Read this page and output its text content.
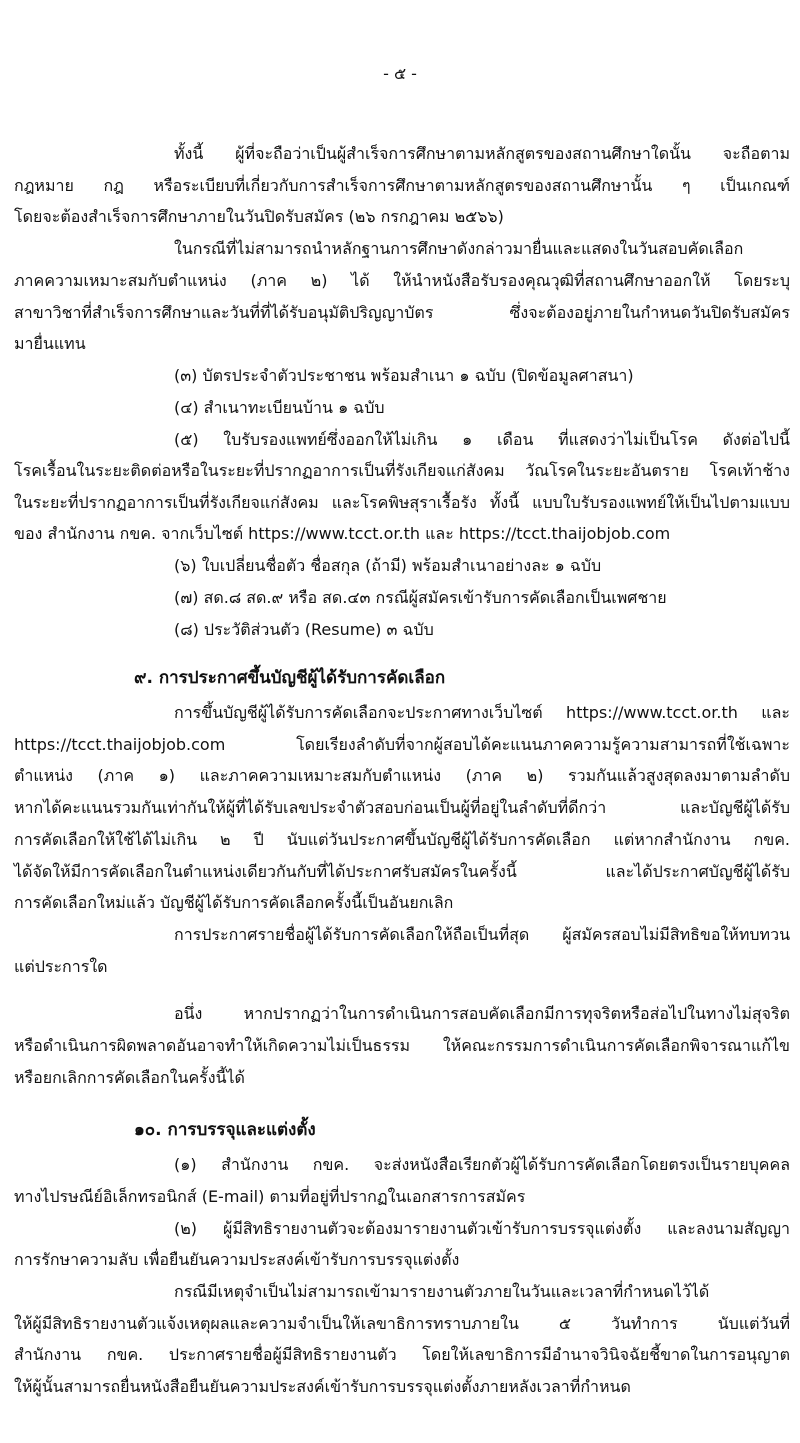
- ๕ -
ทั้งนี้ ผู้ที่จะถือว่าเป็นผู้สำเร็จการศึกษาตามหลักสูตรของสถานศึกษาใดนั้น จะถือตาม
กฎหมาย กฎ หรือระเบียบที่เกี่ยวกับการสำเร็จการศึกษาตามหลักสูตรของสถานศึกษานั้น ๆ เป็นเกณฑ์
โดยจะต้องสำเร็จการศึกษาภายในวันปิดรับสมัคร (๒๖ กรกฎาคม ๒๕๖๖)
ในกรณีที่ไม่สามารถนำหลักฐานการศึกษาดังกล่าวมายื่นและแสดงในวันสอบคัดเลือก
ภาคความเหมาะสมกับตำแหน่ง (ภาค ๒) ได้ ให้นำหนังสือรับรองคุณวุฒิที่สถานศึกษาออกให้ โดยระบุ
สาขาวิชาที่สำเร็จการศึกษาและวันที่ที่ได้รับอนุมัติปริญญาบัตร ซึ่งจะต้องอยู่ภายในกำหนดวันปิดรับสมัคร
มายื่นแทน
(๓) บัตรประจำตัวประชาชน พร้อมสำเนา ๑ ฉบับ (ปิดข้อมูลศาสนา)
(๔) สำเนาทะเบียนบ้าน ๑ ฉบับ
(๕) ใบรับรองแพทย์ซึ่งออกให้ไม่เกิน ๑ เดือน ที่แสดงว่าไม่เป็นโรค ดังต่อไปนี้
โรคเรื้อนในระยะติดต่อหรือในระยะที่ปรากฏอาการเป็นที่รังเกียจแก่สังคม วัณโรคในระยะอันตราย โรคเท้าช้าง
ในระยะที่ปรากฏอาการเป็นที่รังเกียจแก่สังคม และโรคพิษสุราเรื้อรัง ทั้งนี้ แบบใบรับรองแพทย์ให้เป็นไปตามแบบ
ของ สำนักงาน กขค. จากเว็บไซต์ https://www.tcct.or.th และ https://tcct.thaijobjob.com
(๖) ใบเปลี่ยนชื่อตัว ชื่อสกุล (ถ้ามี) พร้อมสำเนาอย่างละ ๑ ฉบับ
(๗) สด.๘ สด.๙ หรือ สด.๔๓ กรณีผู้สมัครเข้ารับการคัดเลือกเป็นเพศชาย
(๘) ประวัติส่วนตัว (Resume) ๓ ฉบับ
๙. การประกาศขึ้นบัญชีผู้ได้รับการคัดเลือก
การขึ้นบัญชีผู้ได้รับการคัดเลือกจะประกาศทางเว็บไซต์ https://www.tcct.or.th และ
https://tcct.thaijobjob.com โดยเรียงลำดับที่จากผู้สอบได้คะแนนภาคความรู้ความสามารถที่ใช้เฉพาะ
ตำแหน่ง (ภาค ๑) และภาคความเหมาะสมกับตำแหน่ง (ภาค ๒) รวมกันแล้วสูงสุดลงมาตามลำดับ
หากได้คะแนนรวมกันเท่ากันให้ผู้ที่ได้รับเลขประจำตัวสอบก่อนเป็นผู้ที่อยู่ในลำดับที่ดีกว่า และบัญชีผู้ได้รับ
การคัดเลือกให้ใช้ได้ไม่เกิน ๒ ปี นับแต่วันประกาศขึ้นบัญชีผู้ได้รับการคัดเลือก แต่หากสำนักงาน กขค.
ได้จัดให้มีการคัดเลือกในตำแหน่งเดียวกันกับที่ได้ประกาศรับสมัครในครั้งนี้ และได้ประกาศบัญชีผู้ได้รับ
การคัดเลือกใหม่แล้ว บัญชีผู้ได้รับการคัดเลือกครั้งนี้เป็นอันยกเลิก
การประกาศรายชื่อผู้ได้รับการคัดเลือกให้ถือเป็นที่สุด ผู้สมัครสอบไม่มีสิทธิขอให้ทบทวน
แต่ประการใด
อนึ่ง หากปรากฏว่าในการดำเนินการสอบคัดเลือกมีการทุจริตหรือส่อไปในทางไม่สุจริต
หรือดำเนินการผิดพลาดอันอาจทำให้เกิดความไม่เป็นธรรม ให้คณะกรรมการดำเนินการคัดเลือกพิจารณาแก้ไข
หรือยกเลิกการคัดเลือกในครั้งนี้ได้
๑๐. การบรรจุและแต่งตั้ง
(๑) สำนักงาน กขค. จะส่งหนังสือเรียกตัวผู้ได้รับการคัดเลือกโดยตรงเป็นรายบุคคล
ทางไปรษณีย์อิเล็กทรอนิกส์ (E-mail) ตามที่อยู่ที่ปรากฏในเอกสารการสมัคร
(๒) ผู้มีสิทธิรายงานตัวจะต้องมารายงานตัวเข้ารับการบรรจุแต่งตั้ง และลงนามสัญญา
การรักษาความลับ เพื่อยืนยันความประสงค์เข้ารับการบรรจุแต่งตั้ง
กรณีมีเหตุจำเป็นไม่สามารถเข้ามารายงานตัวภายในวันและเวลาที่กำหนดไว้ได้
ให้ผู้มีสิทธิรายงานตัวแจ้งเหตุผลและความจำเป็นให้เลขาธิการทราบภายใน ๕ วันทำการ นับแต่วันที่
สำนักงาน กขค. ประกาศรายชื่อผู้มีสิทธิรายงานตัว โดยให้เลขาธิการมีอำนาจวินิจฉัยชี้ขาดในการอนุญาต
ให้ผู้นั้นสามารถยื่นหนังสือยืนยันความประสงค์เข้ารับการบรรจุแต่งตั้งภายหลังเวลาที่กำหนด
